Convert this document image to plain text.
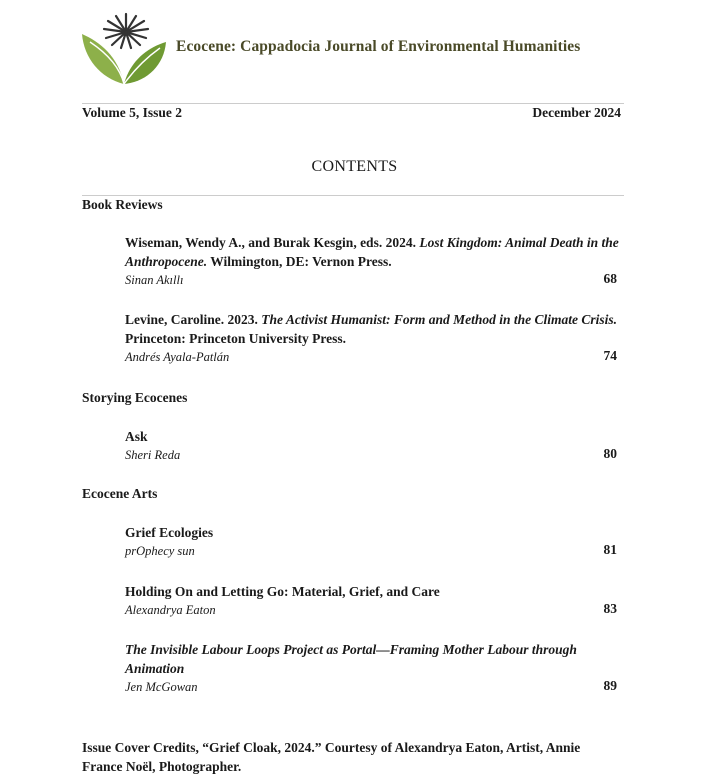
Ecocene: Cappadocia Journal of Environmental Humanities
Volume 5, Issue 2	December 2024
CONTENTS
Book Reviews
Wiseman, Wendy A., and Burak Kesgin, eds. 2024. Lost Kingdom: Animal Death in the Anthropocene. Wilmington, DE: Vernon Press.
Sinan Akıllı	68
Levine, Caroline. 2023. The Activist Humanist: Form and Method in the Climate Crisis. Princeton: Princeton University Press.
Andrés Ayala-Patlán	74
Storying Ecocenes
Ask
Sheri Reda	80
Ecocene Arts
Grief Ecologies
prOphecy sun	81
Holding On and Letting Go: Material, Grief, and Care
Alexandrya Eaton	83
The Invisible Labour Loops Project as Portal—Framing Mother Labour through Animation
Jen McGowan	89
Issue Cover Credits, “Grief Cloak, 2024.” Courtesy of Alexandrya Eaton, Artist, Annie France Noël, Photographer.
